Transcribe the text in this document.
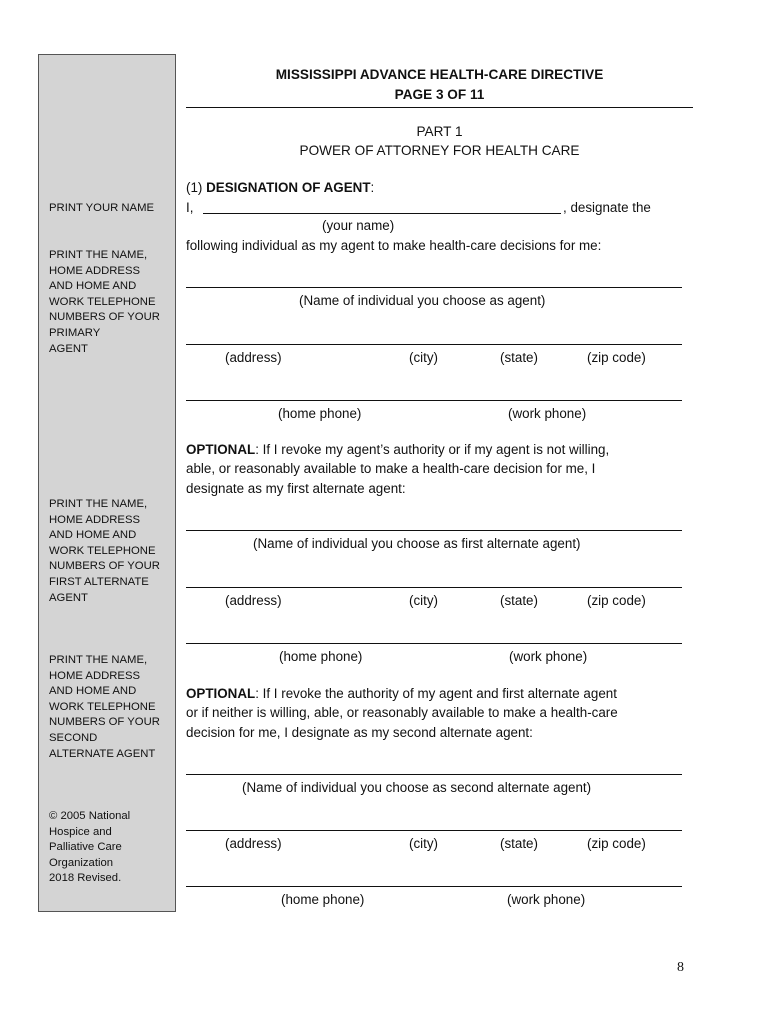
PRINT YOUR NAME

PRINT THE NAME,
HOME ADDRESS
AND HOME AND
WORK TELEPHONE
NUMBERS OF YOUR
PRIMARY
AGENT

PRINT THE NAME,
HOME ADDRESS
AND HOME AND
WORK TELEPHONE
NUMBERS OF YOUR
FIRST ALTERNATE
AGENT

PRINT THE NAME,
HOME ADDRESS
AND HOME AND
WORK TELEPHONE
NUMBERS OF YOUR
SECOND
ALTERNATE AGENT

© 2005 National
Hospice and
Palliative Care
Organization
2018 Revised.

MISSISSIPPI ADVANCE HEALTH-CARE DIRECTIVE

PAGE 3 OF 11

PART 1

POWER OF ATTORNEY FOR HEALTH CARE

(1) DESIGNATION OF AGENT:

I,	, designate the

(your name)

following individual as my agent to make health-care decisions for me:

(Name of individual you choose as agent)
(address)	(city)	(state)	(zip code)
(home phone)	(work phone)

OPTIONAL: If I revoke my agent’s authority or if my agent is not willing,
able, or reasonably available to make a health-care decision for me, I
designate as my first alternate agent:

(Name of individual you choose as first alternate agent)
(address)	(city)	(state)	(zip code)
(home phone)	(work phone)

OPTIONAL: If I revoke the authority of my agent and first alternate agent
or if neither is willing, able, or reasonably available to make a health-care
decision for me, I designate as my second alternate agent:

(Name of individual you choose as second alternate agent)
(address)	(city)	(state)	(zip code)
(home phone)	(work phone)
8
